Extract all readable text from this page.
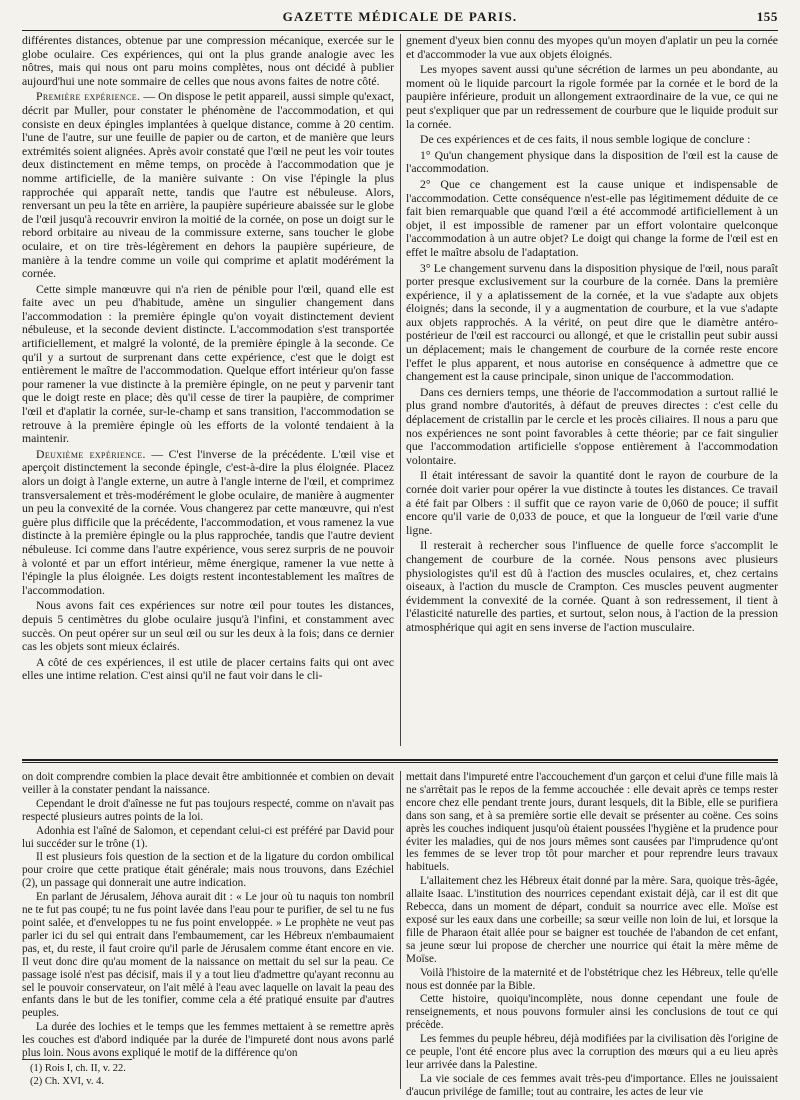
GAZETTE MÉDICALE DE PARIS.	155

différentes distances, obtenue par une compression mécanique, exercée sur le globe oculaire. Ces expériences, qui ont la plus grande analogie avec les nôtres, mais qui nous ont paru moins complètes, nous ont décidé à publier aujourd'hui une note sommaire de celles que nous avons faites de notre côté.

Première expérience. — On dispose le petit appareil, aussi simple qu'exact, décrit par Muller, pour constater le phénomène de l'accommodation, et qui consiste en deux épingles implantées à quelque distance, comme à 20 centim. l'une de l'autre, sur une feuille de papier ou de carton, et de manière que leurs extrémités soient alignées. Après avoir constaté que l'œil ne peut les voir toutes deux distinctement en même temps, on procède à l'accommodation que je nomme artificielle, de la manière suivante : On vise l'épingle la plus rapprochée qui apparaît nette, tandis que l'autre est nébuleuse. Alors, renversant un peu la tête en arrière, la paupière supérieure abaissée sur le globe de l'œil jusqu'à recouvrir environ la moitié de la cornée, on pose un doigt sur le rebord orbitaire au niveau de la commissure externe, sans toucher le globe oculaire, et on tire très-légèrement en dehors la paupière supérieure, de manière à la tendre comme un voile qui comprime et aplatit modérément la cornée.

Cette simple manœuvre qui n'a rien de pénible pour l'œil, quand elle est faite avec un peu d'habitude, amène un singulier changement dans l'accommodation : la première épingle qu'on voyait distinctement devient nébuleuse, et la seconde devient distincte. L'accommodation s'est transportée artificiellement, et malgré la volonté, de la première épingle à la seconde. Ce qu'il y a surtout de surprenant dans cette expérience, c'est que le doigt est entièrement le maître de l'accommodation. Quelque effort intérieur qu'on fasse pour ramener la vue distincte à la première épingle, on ne peut y parvenir tant que le doigt reste en place; dès qu'il cesse de tirer la paupière, de comprimer l'œil et d'aplatir la cornée, sur-le-champ et sans transition, l'accommodation se retrouve à la première épingle où les efforts de la volonté tendaient à la maintenir.

Deuxième expérience. — C'est l'inverse de la précédente. L'œil vise et aperçoit distinctement la seconde épingle, c'est-à-dire la plus éloignée. Placez alors un doigt à l'angle externe, un autre à l'angle interne de l'œil, et comprimez transversalement et très-modérément le globe oculaire, de manière à augmenter un peu la convexité de la cornée. Vous changerez par cette manœuvre, qui n'est guère plus difficile que la précédente, l'accommodation, et vous ramenez la vue distincte à la première épingle ou la plus rapprochée, tandis que l'autre devient nébuleuse. Ici comme dans l'autre expérience, vous serez surpris de ne pouvoir à volonté et par un effort intérieur, même énergique, ramener la vue nette à l'épingle la plus éloignée. Les doigts restent incontestablement les maîtres de l'accommodation.

Nous avons fait ces expériences sur notre œil pour toutes les distances, depuis 5 centimètres du globe oculaire jusqu'à l'infini, et constamment avec succès. On peut opérer sur un seul œil ou sur les deux à la fois; dans ce dernier cas les objets sont mieux éclairés.

A côté de ces expériences, il est utile de placer certains faits qui ont avec elles une intime relation. C'est ainsi qu'il ne faut voir dans le cli-

gnement d'yeux bien connu des myopes qu'un moyen d'aplatir un peu la cornée et d'accommoder la vue aux objets éloignés.

Les myopes savent aussi qu'une sécrétion de larmes un peu abondante, au moment où le liquide parcourt la rigole formée par la cornée et le bord de la paupière inférieure, produit un allongement extraordinaire de la vue, ce qui ne peut s'expliquer que par un redressement de courbure que le liquide produit sur la cornée.

De ces expériences et de ces faits, il nous semble logique de conclure :

1° Qu'un changement physique dans la disposition de l'œil est la cause de l'accommodation.

2° Que ce changement est la cause unique et indispensable de l'accommodation. Cette conséquence n'est-elle pas légitimement déduite de ce fait bien remarquable que quand l'œil a été accommodé artificiellement à un objet, il est impossible de ramener par un effort volontaire quelconque l'accommodation à un autre objet? Le doigt qui change la forme de l'œil est en effet le maître absolu de l'adaptation.

3° Le changement survenu dans la disposition physique de l'œil, nous paraît porter presque exclusivement sur la courbure de la cornée. Dans la première expérience, il y a aplatissement de la cornée, et la vue s'adapte aux objets éloignés; dans la seconde, il y a augmentation de courbure, et la vue s'adapte aux objets rapprochés. A la vérité, on peut dire que le diamètre antéro-postérieur de l'œil est raccourci ou allongé, et que le cristallin peut subir aussi un déplacement; mais le changement de courbure de la cornée reste encore l'effet le plus apparent, et nous autorise en conséquence à admettre que ce changement est la cause principale, sinon unique de l'accommodation.

Dans ces derniers temps, une théorie de l'accommodation a surtout rallié le plus grand nombre d'autorités, à défaut de preuves directes : c'est celle du déplacement de cristallin par le cercle et les procès ciliaires. Il nous a paru que nos expériences ne sont point favorables à cette théorie; par ce fait singulier que l'accommodation artificielle s'oppose entièrement à l'accommodation volontaire.

Il était intéressant de savoir la quantité dont le rayon de courbure de la cornée doit varier pour opérer la vue distincte à toutes les distances. Ce travail a été fait par Olbers : il suffit que ce rayon varie de 0,060 de pouce; il suffit encore qu'il varie de 0,033 de pouce, et que la longueur de l'œil varie d'une ligne.

Il resterait à rechercher sous l'influence de quelle force s'accomplit le changement de courbure de la cornée. Nous pensons avec plusieurs physiologistes qu'il est dû à l'action des muscles oculaires, et, chez certains oiseaux, à l'action du muscle de Crampton. Ces muscles peuvent augmenter évidemment la convexité de la cornée. Quant à son redressement, il tient à l'élasticité naturelle des parties, et surtout, selon nous, à l'action de la pression atmosphérique qui agit en sens inverse de l'action musculaire.

on doit comprendre combien la place devait être ambitionnée et combien on devait veiller à la constater pendant la naissance.

Cependant le droit d'aînesse ne fut pas toujours respecté, comme on n'avait pas respecté plusieurs autres points de la loi.

Adonhia est l'aîné de Salomon, et cependant celui-ci est préféré par David pour lui succéder sur le trône (1).

Il est plusieurs fois question de la section et de la ligature du cordon ombilical pour croire que cette pratique était générale; mais nous trouvons, dans Ezéchiel (2), un passage qui donnerait une autre indication.

En parlant de Jérusalem, Jéhova aurait dit : « Le jour où tu naquis ton nombril ne te fut pas coupé; tu ne fus point lavée dans l'eau pour te purifier, de sel tu ne fus point salée, et d'enveloppes tu ne fus point enveloppée. » Le prophète ne veut pas parler ici du sel qui entrait dans l'embaumement, car les Hébreux n'embaumaient pas, et, du reste, il faut croire qu'il parle de Jérusalem comme étant encore en vie. Il veut donc dire qu'au moment de la naissance on mettait du sel sur la peau. Ce passage isolé n'est pas décisif, mais il y a tout lieu d'admettre qu'ayant reconnu au sel le pouvoir conservateur, on l'ait mêlé à l'eau avec laquelle on lavait la peau des enfants dans le but de les tonifier, comme cela a été pratiqué ensuite par d'autres peuples.

La durée des lochies et le temps que les femmes mettaient à se remettre après les couches est d'abord indiquée par la durée de l'impureté dont nous avons parlé plus loin. Nous avons expliqué le motif de la différence qu'on

mettait dans l'impureté entre l'accouchement d'un garçon et celui d'une fille mais là ne s'arrêtait pas le repos de la femme accouchée : elle devait après ce temps rester encore chez elle pendant trente jours, durant lesquels, dit la Bible, elle se purifiera dans son sang, et à sa première sortie elle devait se présenter au coëne. Ces soins après les couches indiquent jusqu'où étaient poussées l'hygiène et la prudence pour éviter les maladies, qui de nos jours mêmes sont causées par l'imprudence qu'ont les femmes de se lever trop tôt pour marcher et pour reprendre leurs travaux habituels.

L'allaitement chez les Hébreux était donné par la mère. Sara, quoique très-âgée, allaite Isaac. L'institution des nourrices cependant existait déjà, car il est dit que Rebecca, dans un moment de départ, conduit sa nourrice avec elle. Moïse est exposé sur les eaux dans une corbeille; sa sœur veille non loin de lui, et lorsque la fille de Pharaon était allée pour se baigner est touchée de l'abandon de cet enfant, sa jeune sœur lui propose de chercher une nourrice qui était la mère même de Moïse.

Voilà l'histoire de la maternité et de l'obstétrique chez les Hébreux, telle qu'elle nous est donnée par la Bible.

Cette histoire, quoiqu'incomplète, nous donne cependant une foule de renseignements, et nous pouvons formuler ainsi les conclusions de tout ce qui précède.

Les femmes du peuple hébreu, déjà modifiées par la civilisation dès l'origine de ce peuple, l'ont été encore plus avec la corruption des mœurs qui a eu lieu après leur arrivée dans la Palestine.

La vie sociale de ces femmes avait très-peu d'importance. Elles ne jouissaient d'aucun privilége de famille; tout au contraire, les actes de leur vie

(1) Rois I, ch. II, v. 22.
(2) Ch. XVI, v. 4.
